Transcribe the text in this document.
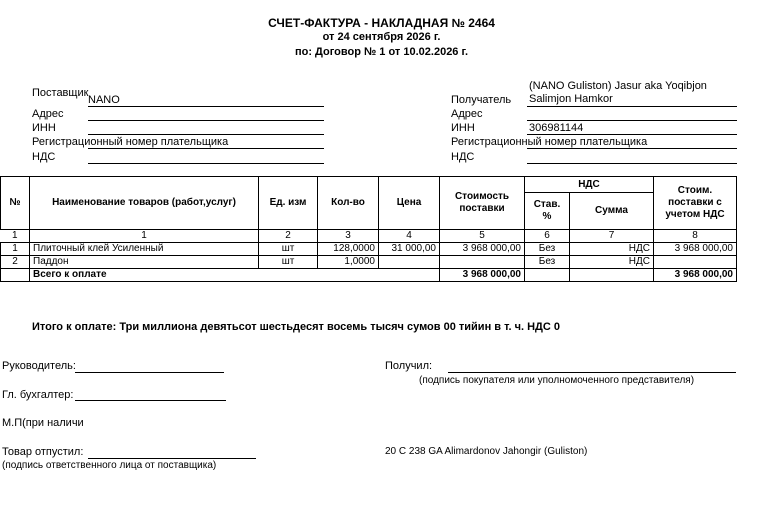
СЧЕТ-ФАКТУРА - НАКЛАДНАЯ № 2464
от 24 сентября 2026 г.
по: Договор № 1 от 10.02.2026 г.
Поставщик
NANO
Адрес
ИНН
Регистрационный номер плательщика
НДС
(NANO Guliston) Jasur aka Yoqibjon
Получатель Salimjon Hamkor
Адрес
ИНН	306981144
Регистрационный номер плательщика
НДС
№	Наименование товаров (работ,услуг)	Ед. изм	Кол-во	Цена	Стоимость поставки	НДС		Стоим. поставки с учетом НДС
						Став. %	Сумма	
1	1	2	3	4	5	6	7	8
1	Плиточный клей Усиленный	шт	128,0000	31 000,00	3 968 000,00	Без	НДС	3 968 000,00
2	Паддон	шт	1,0000			Без	НДС	
	Всего к оплате				3 968 000,00			3 968 000,00
Итого к оплате: Три миллиона девятьсот шестьдесят восемь тысяч сумов 00 тийин в т. ч. НДС 0
Руководитель:	Получил:
(подпись покупателя или уполномоченного представителя)
Гл. бухгалтер:
М.П(при наличи
Товар отпустил:
(подпись ответственного лица от поставщика)
20 C 238 GA Alimardonov Jahongir (Guliston)
